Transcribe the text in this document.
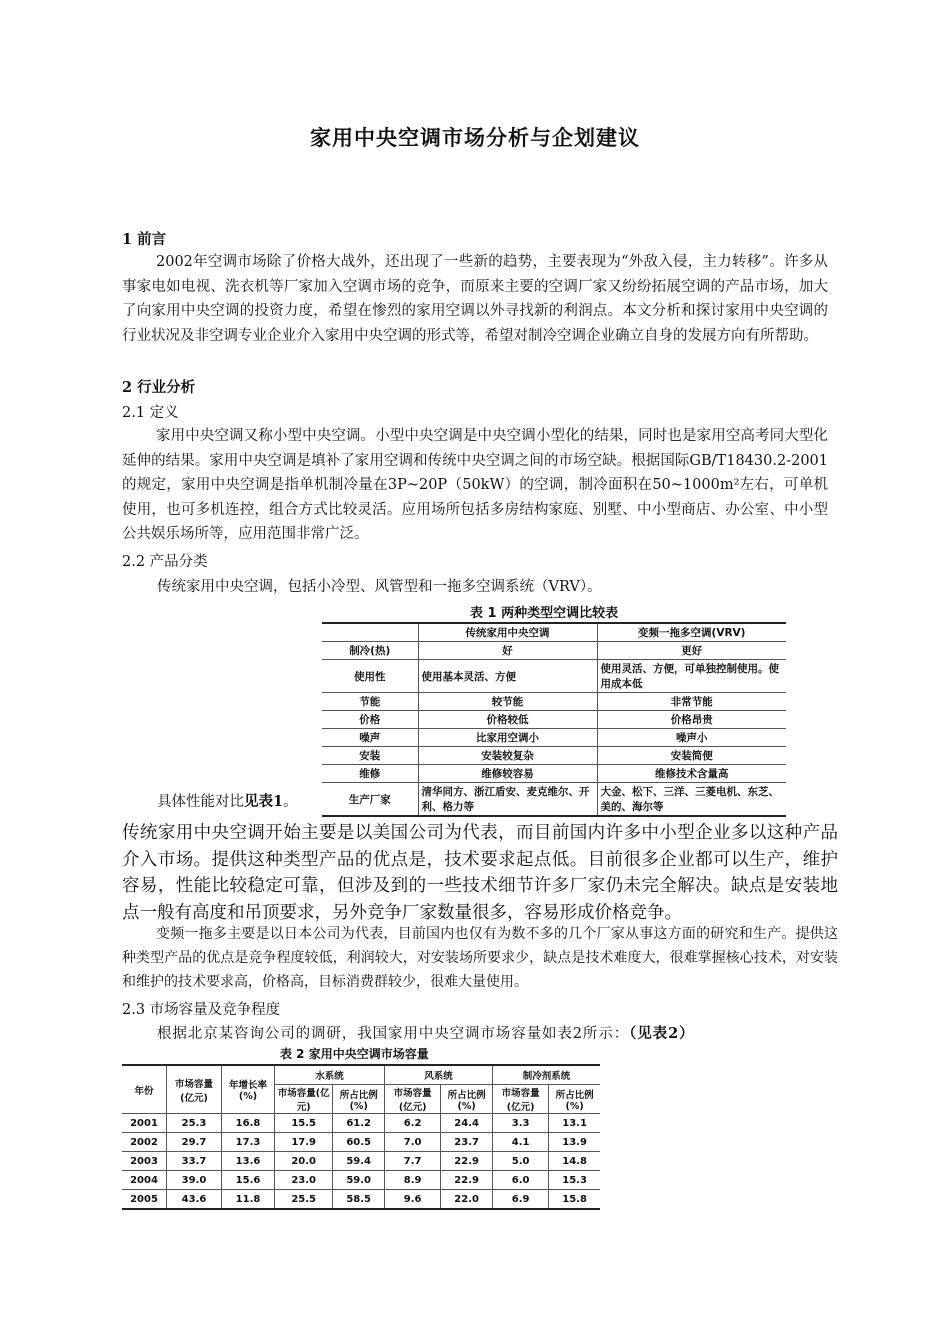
家用中央空调市场分析与企划建议
1 前言

2002年空调市场除了价格大战外，还出现了一些新的趋势，主要表现为“外敌入侵，主力转移”。许多从事家电如电视、洗衣机等厂家加入空调市场的竞争，而原来主要的空调厂家又纷纷拓展空调的产品市场，加大了向家用中央空调的投资力度，希望在惨烈的家用空调以外寻找新的利润点。本文分析和探讨家用中央空调的行业状况及非空调专业企业介入家用中央空调的形式等，希望对制冷空调企业确立自身的发展方向有所帮助。

2 行业分析
2.1 定义

家用中央空调又称小型中央空调。小型中央空调是中央空调小型化的结果，同时也是家用空高考同大型化延伸的结果。家用中央空调是填补了家用空调和传统中央空调之间的市场空缺。根据国际GB/T18430.2-2001的规定，家用中央空调是指单机制冷量在3P~20P（50kW）的空调，制冷面积在50~1000m²左右，可单机使用，也可多机连控，组合方式比较灵活。应用场所包括多房结构家庭、别墅、中小型商店、办公室、中小型公共娱乐场所等，应用范围非常广泛。

2.2 产品分类
传统家用中央空调，包括小冷型、风管型和一拖多空调系统（VRV）。
表 1 两种类型空调比较表
	传统家用中央空调	变频一拖多空调(VRV)
制冷(热)	好	更好
使用性	使用基本灵活、方便	使用灵活、方便，可单独控制使用。使用成本低
节能	较节能	非常节能
价格	价格较低	价格昂贵
噪声	比家用空调小	噪声小
安装	安装较复杂	安装简便
维修	维修较容易	维修技术含量高
生产厂家	清华同方、浙江盾安、麦克维尔、开利、格力等	大金、松下、三洋、三菱电机、东芝、美的、海尔等
具体性能对比见表1。

传统家用中央空调开始主要是以美国公司为代表，而目前国内许多中小型企业多以这种产品介入市场。提供这种类型产品的优点是，技术要求起点低。目前很多企业都可以生产，维护容易，性能比较稳定可靠，但涉及到的一些技术细节许多厂家仍未完全解决。缺点是安装地点一般有高度和吊顶要求，另外竞争厂家数量很多，容易形成价格竞争。

变频一拖多主要是以日本公司为代表，目前国内也仅有为数不多的几个厂家从事这方面的研究和生产。提供这种类型产品的优点是竞争程度较低，利润较大，对安装场所要求少，缺点是技术难度大，很难掌握核心技术，对安装和维护的技术要求高，价格高，目标消费群较少，很难大量使用。

2.3 市场容量及竞争程度
根据北京某咨询公司的调研，我国家用中央空调市场容量如表2所示：（见表2）
表 2 家用中央空调市场容量
年份	市场容量(亿元)	年增长率(%)	水系统		风系统		制冷剂系统	
			市场容量(亿元)	所占比例(%)	市场容量(亿元)	所占比例(%)	市场容量(亿元)	所占比例(%)
2001	25.3	16.8	15.5	61.2	6.2	24.4	3.3	13.1
2002	29.7	17.3	17.9	60.5	7.0	23.7	4.1	13.9
2003	33.7	13.6	20.0	59.4	7.7	22.9	5.0	14.8
2004	39.0	15.6	23.0	59.0	8.9	22.9	6.0	15.3
2005	43.6	11.8	25.5	58.5	9.6	22.0	6.9	15.8
